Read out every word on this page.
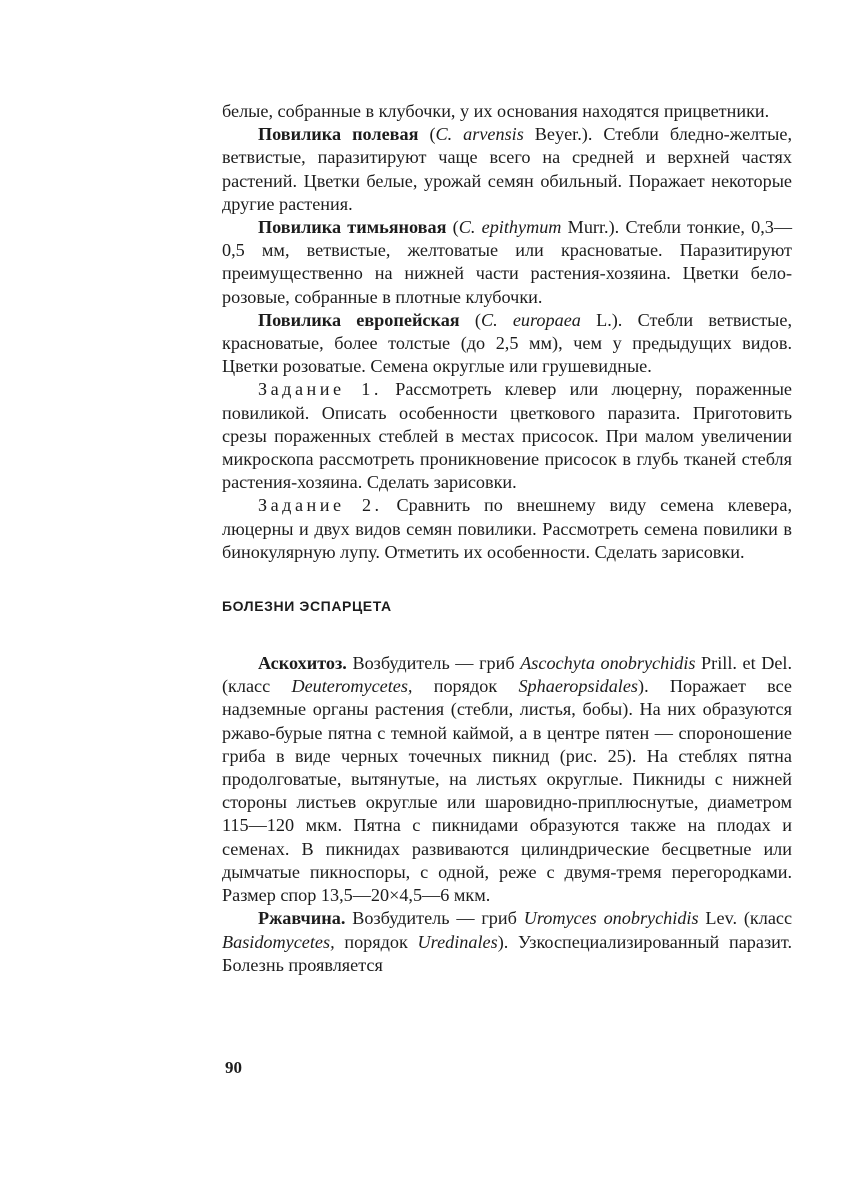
белые, собранные в клубочки, у их основания находятся прицветники.

Повилика полевая (C. arvensis Beyer.). Стебли бледно-желтые, ветвистые, паразитируют чаще всего на средней и верхней частях растений. Цветки белые, урожай семян обильный. Поражает некоторые другие растения.

Повилика тимьяновая (C. epithymum Murr.). Стебли тонкие, 0,3—0,5 мм, ветвистые, желтоватые или красноватые. Паразитируют преимущественно на нижней части растения-хозяина. Цветки бело-розовые, собранные в плотные клубочки.

Повилика европейская (C. europaea L.). Стебли ветвистые, красноватые, более толстые (до 2,5 мм), чем у предыдущих видов. Цветки розоватые. Семена округлые или грушевидные.

Задание 1. Рассмотреть клевер или люцерну, пораженные повиликой. Описать особенности цветкового паразита. Приготовить срезы пораженных стеблей в местах присосок. При малом увеличении микроскопа рассмотреть проникновение присосок в глубь тканей стебля растения-хозяина. Сделать зарисовки.

Задание 2. Сравнить по внешнему виду семена клевера, люцерны и двух видов семян повилики. Рассмотреть семена повилики в бинокулярную лупу. Отметить их особенности. Сделать зарисовки.

БОЛЕЗНИ ЭСПАРЦЕТА

Аскохитоз. Возбудитель — гриб Ascochyta onobrychidis Prill. et Del. (класс Deuteromycetes, порядок Sphaeropsidales). Поражает все надземные органы растения (стебли, листья, бобы). На них образуются ржаво-бурые пятна с темной каймой, а в центре пятен — спороношение гриба в виде черных точечных пикнид (рис. 25). На стеблях пятна продолговатые, вытянутые, на листьях округлые. Пикниды с нижней стороны листьев округлые или шаровидно-приплюснутые, диаметром 115—120 мкм. Пятна с пикнидами образуются также на плодах и семенах. В пикнидах развиваются цилиндрические бесцветные или дымчатые пикноспоры, с одной, реже с двумя-тремя перегородками. Размер спор 13,5—20×4,5—6 мкм.

Ржавчина. Возбудитель — гриб Uromyces onobrychidis Lev. (класс Basidomycetes, порядок Uredinales). Узкоспециализированный паразит. Болезнь проявляется

90
